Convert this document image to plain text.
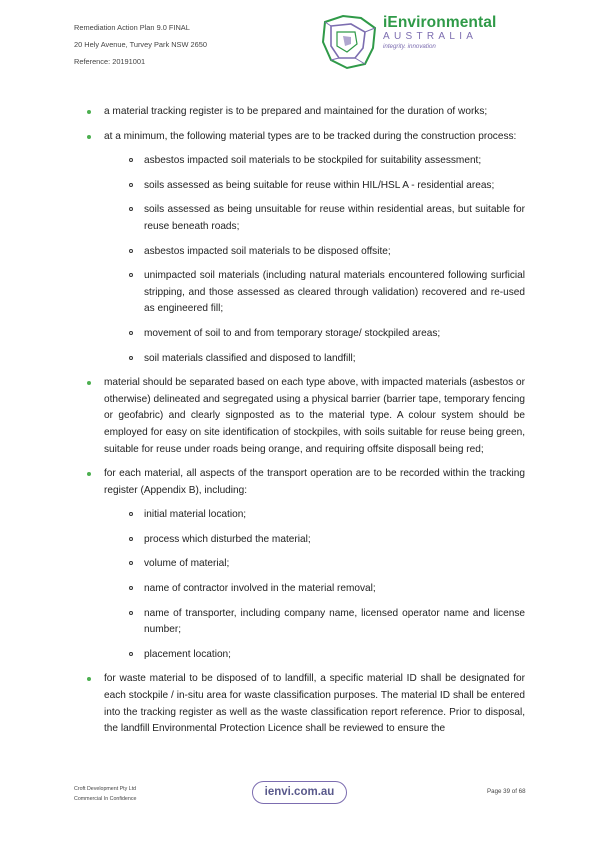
Remediation Action Plan 9.0 FINAL
20 Hely Avenue, Turvey Park NSW 2650
Reference: 20191001
iEnvironmental
AUSTRALIA
integrity. innovation
a material tracking register is to be prepared and maintained for the duration of works;
at a minimum, the following material types are to be tracked during the construction process:
asbestos impacted soil materials to be stockpiled for suitability assessment;
soils assessed as being suitable for reuse within HIL/HSL A - residential areas;
soils assessed as being unsuitable for reuse within residential areas, but suitable for reuse beneath roads;
asbestos impacted soil materials to be disposed offsite;
unimpacted soil materials (including natural materials encountered following surficial stripping, and those assessed as cleared through validation) recovered and re-used as engineered fill;
movement of soil to and from temporary storage/ stockpiled areas;
soil materials classified and disposed to landfill;
material should be separated based on each type above, with impacted materials (asbestos or otherwise) delineated and segregated using a physical barrier (barrier tape, temporary fencing or geofabric) and clearly signposted as to the material type. A colour system should be employed for easy on site identification of stockpiles, with soils suitable for reuse being green, suitable for reuse under roads being orange, and requiring offsite disposall being red;
for each material, all aspects of the transport operation are to be recorded within the tracking register (Appendix B), including:
initial material location;
process which disturbed the material;
volume of material;
name of contractor involved in the material removal;
name of transporter, including company name, licensed operator name and license number;
placement location;
for waste material to be disposed of to landfill, a specific material ID shall be designated for each stockpile / in-situ area for waste classification purposes. The material ID shall be entered into the tracking register as well as the waste classification report reference. Prior to disposal, the landfill Environmental Protection Licence shall be reviewed to ensure the
Croft Development Pty Ltd
Commercial In Confidence
ienvi.com.au	Page 39 of 68
